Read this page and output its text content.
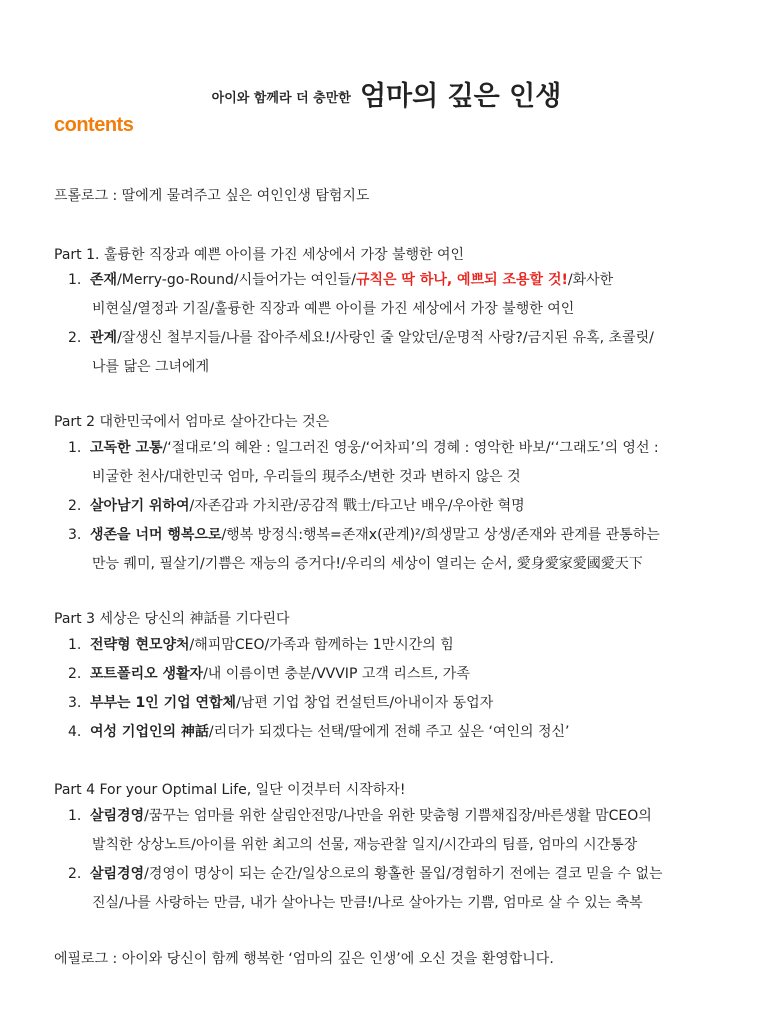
아이와 함께라 더 충만한 엄마의 깊은 인생
contents
프롤로그 : 딸에게 물려주고 싶은 여인인생 탐험지도
Part 1. 훌륭한 직장과 예쁜 아이를 가진 세상에서 가장 불행한 여인
1. 존재/Merry-go-Round/시들어가는 여인들/규칙은 딱 하나, 예쁘되 조용할 것!/화사한
비현실/열정과 기질/훌륭한 직장과 예쁜 아이를 가진 세상에서 가장 불행한 여인
2. 관계/잘생신 철부지들/나를 잡아주세요!/사랑인 줄 알았던/운명적 사랑?/금지된 유혹, 초콜릿/
나를 닮은 그녀에게
Part 2 대한민국에서 엄마로 살아간다는 것은
1. 고독한 고통/‘절대로’의 혜완 : 일그러진 영웅/‘어차피’의 경혜 : 영악한 바보/‘‘그래도’의 영선 :
비굴한 천사/대한민국 엄마, 우리들의 現주소/변한 것과 변하지 않은 것
2. 살아남기 위하여/자존감과 가치관/공감적 戰士/타고난 배우/우아한 혁명
3. 생존을 너머 행복으로/행복 방정식:행복=존재x(관계)²/희생말고 상생/존재와 관계를 관통하는
만능 퀘미, 필살기/기쁨은 재능의 증거다!/우리의 세상이 열리는 순서, 愛身愛家愛國愛天下
Part 3 세상은 당신의 神話를 기다린다
1. 전략형 현모양처/해피맘CEO/가족과 함께하는 1만시간의 힘
2. 포트폴리오 생활자/내 이름이면 충분/VVVIP 고객 리스트, 가족
3. 부부는 1인 기업 연합체/남편 기업 창업 컨설턴트/아내이자 동업자
4. 여성 기업인의 神話/리더가 되겠다는 선택/딸에게 전해 주고 싶은 ‘여인의 정신’
Part 4 For your Optimal Life, 일단 이것부터 시작하자!
1. 살림경영/꿈꾸는 엄마를 위한 살림안전망/나만을 위한 맞춤형 기쁨채집장/바른생활 맘CEO의
발칙한 상상노트/아이를 위한 최고의 선물, 재능관찰 일지/시간과의 팀플, 엄마의 시간통장
2. 살림경영/경영이 명상이 되는 순간/일상으로의 황홀한 몰입/경험하기 전에는 결코 믿을 수 없는
진실/나를 사랑하는 만큼, 내가 살아나는 만큼!/나로 살아가는 기쁨, 엄마로 살 수 있는 축복
에필로그 : 아이와 당신이 함께 행복한 ‘엄마의 깊은 인생’에 오신 것을 환영합니다.
